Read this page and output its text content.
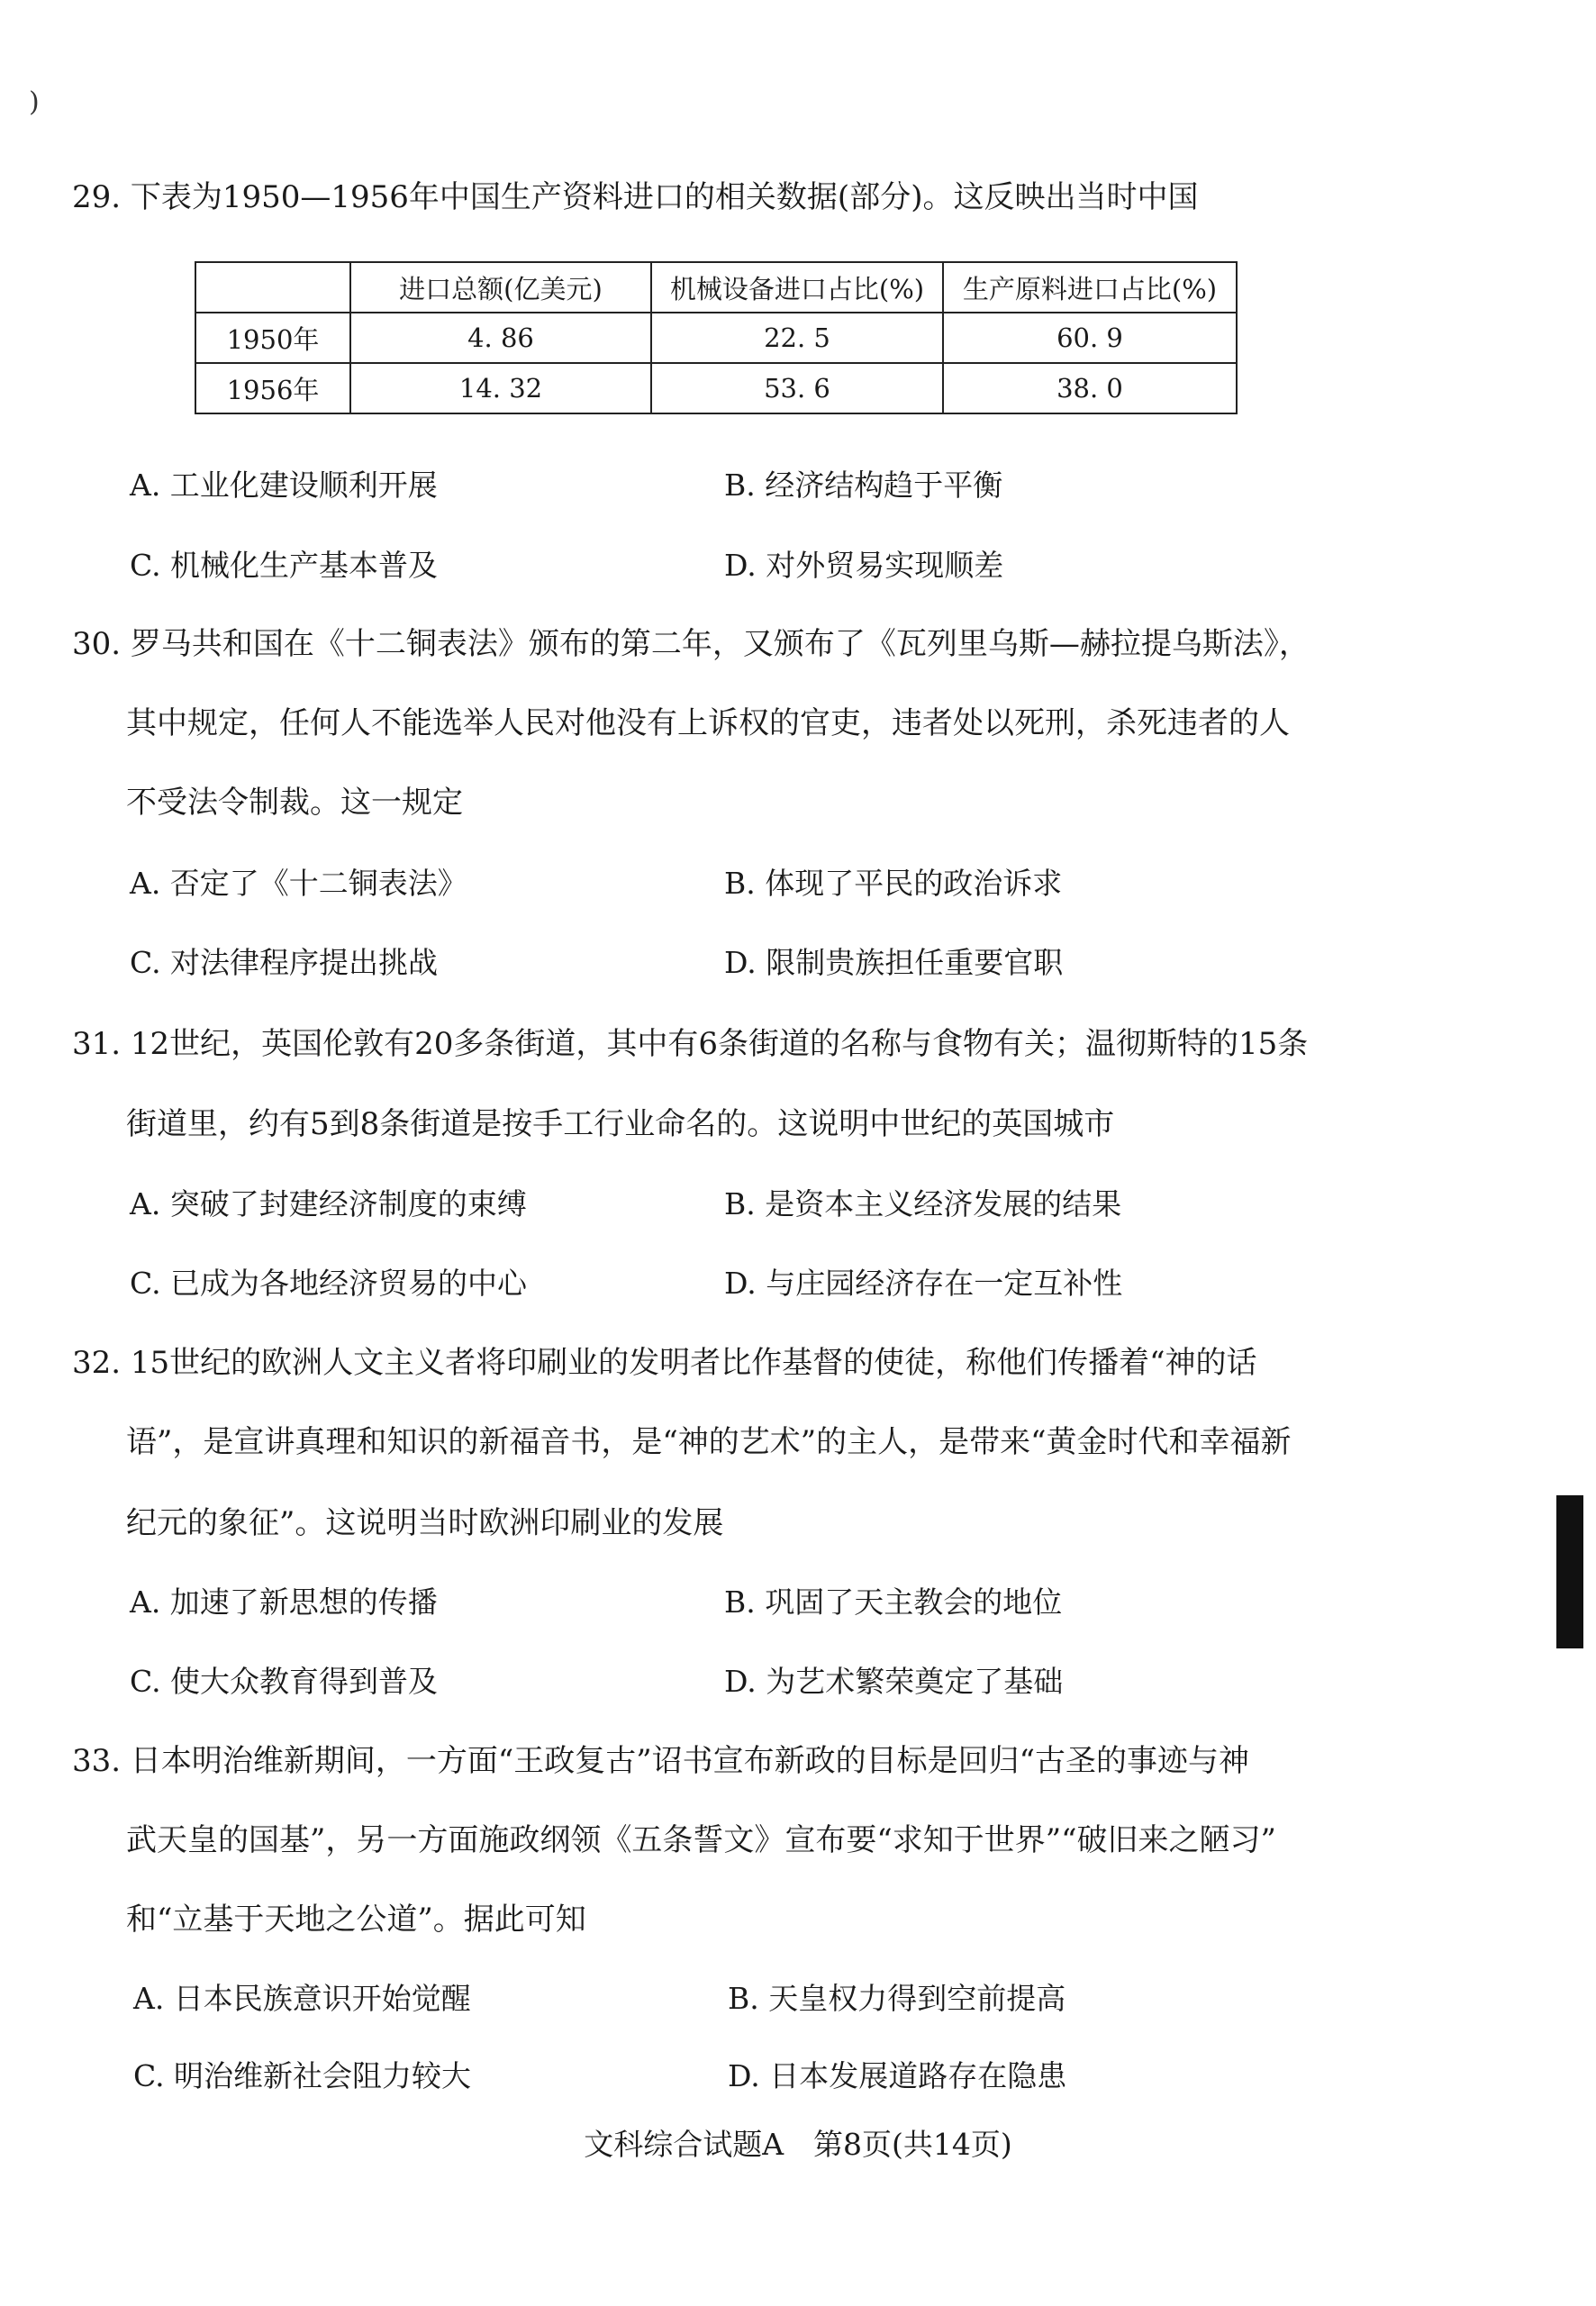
)
29. 下表为1950—1956年中国生产资料进口的相关数据(部分)。这反映出当时中国
	进口总额(亿美元)	机械设备进口占比(%)	生产原料进口占比(%)
1950年	4. 86	22. 5	60. 9
1956年	14. 32	53. 6	38. 0
A. 工业化建设顺利开展	B. 经济结构趋于平衡
C. 机械化生产基本普及	D. 对外贸易实现顺差
30. 罗马共和国在《十二铜表法》颁布的第二年，又颁布了《瓦列里乌斯—赫拉提乌斯法》，
其中规定，任何人不能选举人民对他没有上诉权的官吏，违者处以死刑，杀死违者的人
不受法令制裁。这一规定
A. 否定了《十二铜表法》	B. 体现了平民的政治诉求
C. 对法律程序提出挑战	D. 限制贵族担任重要官职
31. 12世纪，英国伦敦有20多条街道，其中有6条街道的名称与食物有关；温彻斯特的15条
街道里，约有5到8条街道是按手工行业命名的。这说明中世纪的英国城市
A. 突破了封建经济制度的束缚	B. 是资本主义经济发展的结果
C. 已成为各地经济贸易的中心	D. 与庄园经济存在一定互补性
32. 15世纪的欧洲人文主义者将印刷业的发明者比作基督的使徒，称他们传播着“神的话
语”，是宣讲真理和知识的新福音书，是“神的艺术”的主人，是带来“黄金时代和幸福新
纪元的象征”。这说明当时欧洲印刷业的发展
A. 加速了新思想的传播	B. 巩固了天主教会的地位
C. 使大众教育得到普及	D. 为艺术繁荣奠定了基础
33. 日本明治维新期间，一方面“王政复古”诏书宣布新政的目标是回归“古圣的事迹与神
武天皇的国基”，另一方面施政纲领《五条誓文》宣布要“求知于世界”“破旧来之陋习”
和“立基于天地之公道”。据此可知
A. 日本民族意识开始觉醒	B. 天皇权力得到空前提高
C. 明治维新社会阻力较大	D. 日本发展道路存在隐患
文科综合试题A　第8页(共14页)
